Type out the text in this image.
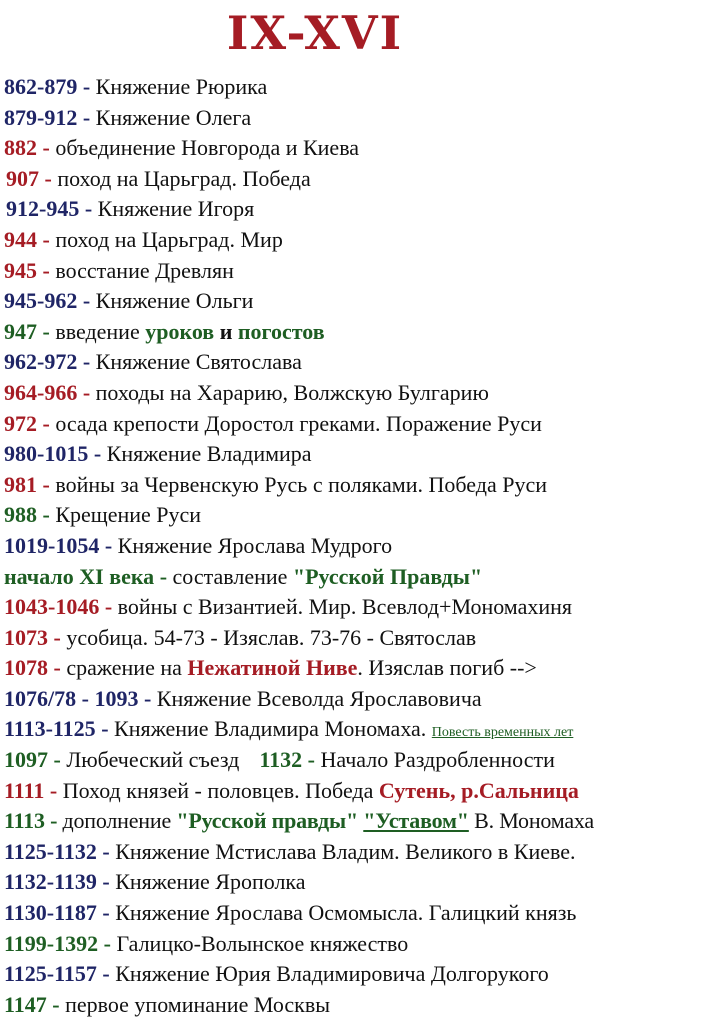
IX-XVI
862-879 - Княжение Рюрика
879-912 - Княжение Олега
882 - объединение Новгорода и Киева
907 - поход на Царьград. Победа
912-945 - Княжение Игоря
944 - поход на Царьград. Мир
945 - восстание Древлян
945-962 - Княжение Ольги
947 - введение уроков и погостов
962-972 - Княжение Святослава
964-966 - походы на Харарию, Волжскую Булгарию
972 - осада крепости Доростол греками. Поражение Руси
980-1015 - Княжение Владимира
981 - войны за Червенскую Русь с поляками. Победа Руси
988 - Крещение Руси
1019-1054 - Княжение Ярослава Мудрого
начало XI века - составление "Русской Правды"
1043-1046 - войны с Византией. Мир. Всевлод+Мономахиня
1073 - усобица. 54-73 - Изяслав. 73-76 - Святослав
1078 - сражение на Нежатиной Ниве. Изяслав погиб -->
1076/78 - 1093 - Княжение Всеволда Ярославовича
1113-1125 - Княжение Владимира Мономаха. Повесть временных лет
1097 - Любеческий съезд 1132 - Начало Раздробленности
1111 - Поход князей - половцев. Победа Сутень, р.Сальница
1113 - дополнение "Русской правды" "Уставом" В. Мономаха
1125-1132 - Княжение Мстислава Владим. Великого в Киеве.
1132-1139 - Княжение Ярополка
1130-1187 - Княжение Ярослава Осмомысла. Галицкий князь
1199-1392 - Галицко-Волынское княжество
1125-1157 - Княжение Юрия Владимировича Долгорукого
1147 - первое упоминание Москвы
